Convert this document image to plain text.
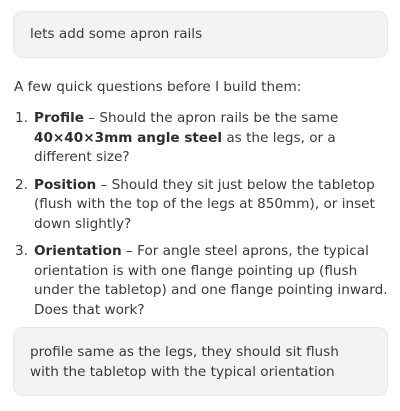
lets add some apron rails
A few quick questions before I build them:
1. Profile – Should the apron rails be the same 40×40×3mm angle steel as the legs, or a different size?
2. Position – Should they sit just below the tabletop (flush with the top of the legs at 850mm), or inset down slightly?
3. Orientation – For angle steel aprons, the typical orientation is with one flange pointing up (flush under the tabletop) and one flange pointing inward. Does that work?
profile same as the legs, they should sit flush with the tabletop with the typical orientation
